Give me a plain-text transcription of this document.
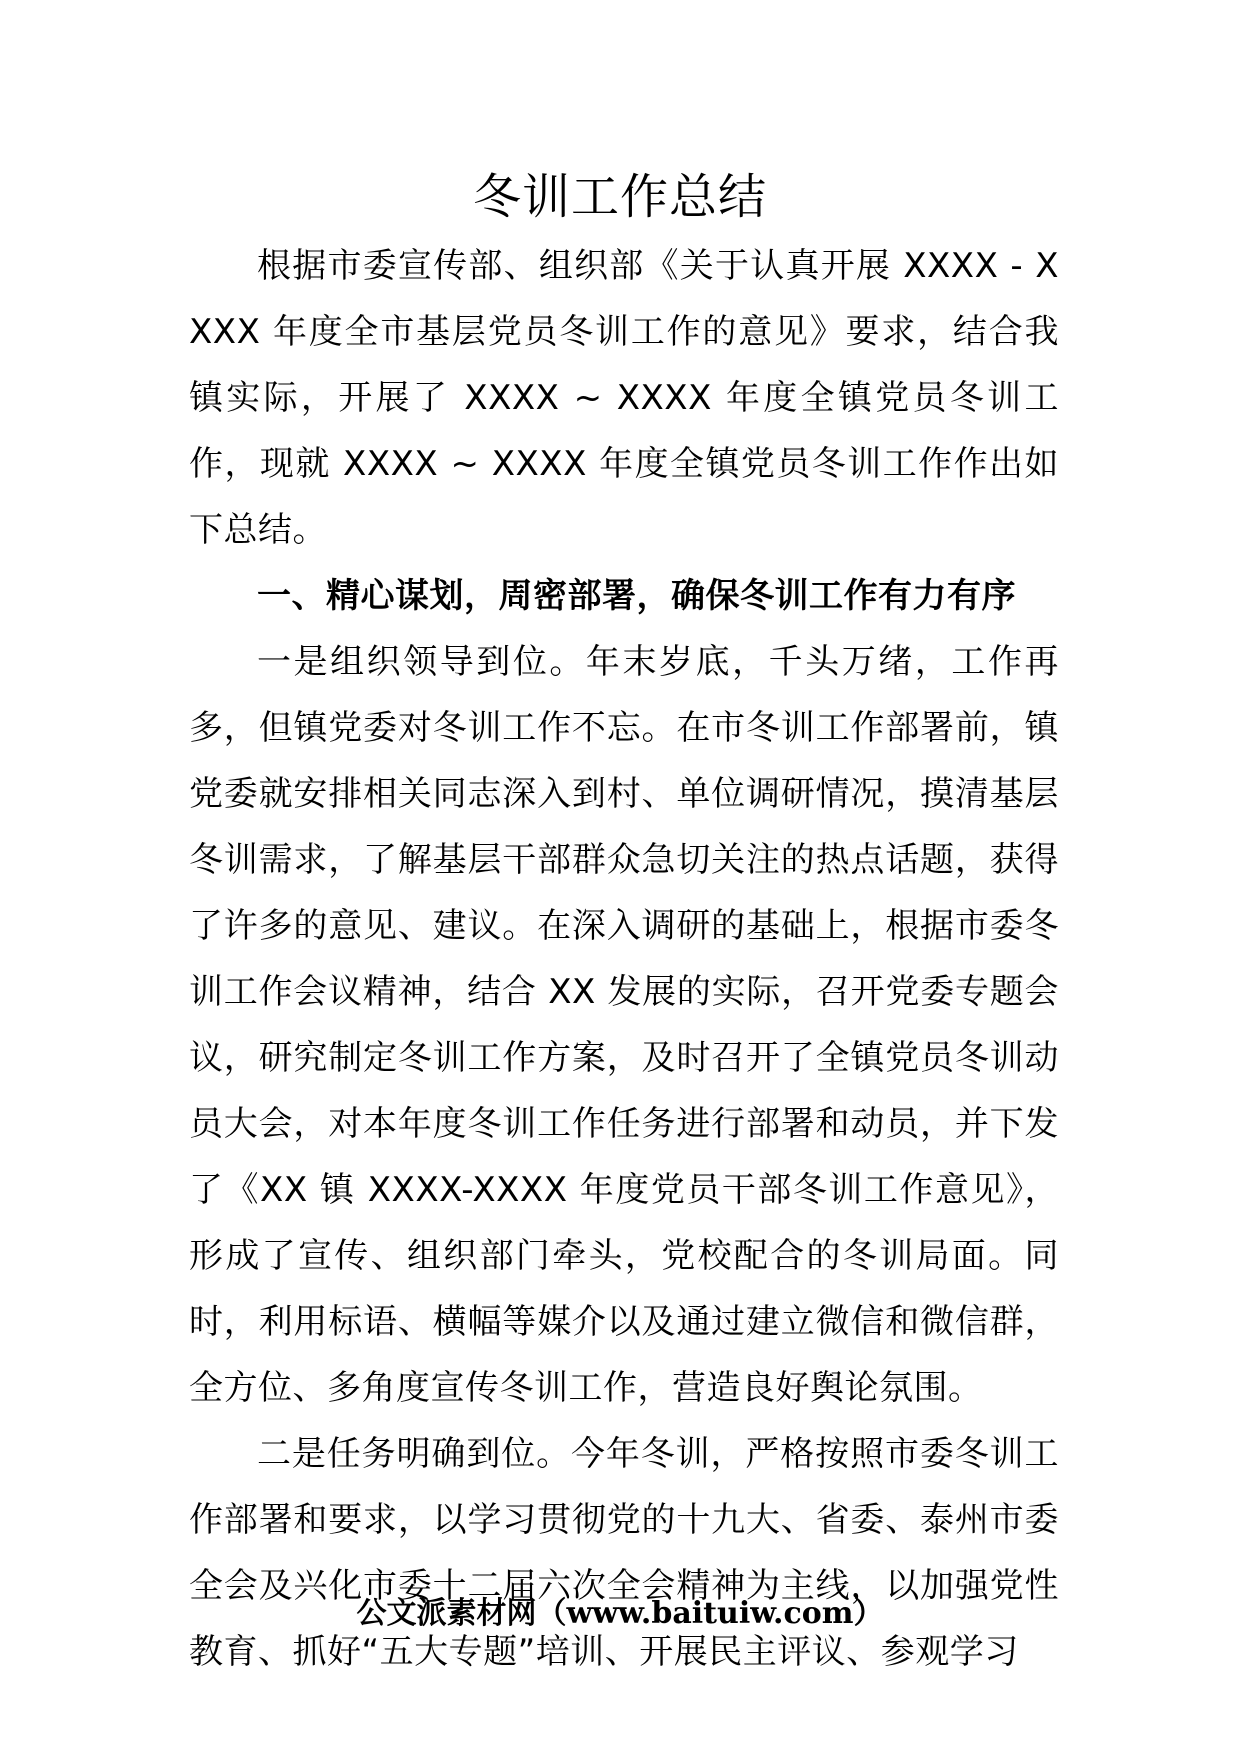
冬训工作总结

根据市委宣传部、组织部《关于认真开展 XXXX - XXXX 年度全市基层党员冬训工作的意见》要求，结合我镇实际，开展了 XXXX ~ XXXX 年度全镇党员冬训工作，现就 XXXX ~ XXXX 年度全镇党员冬训工作作出如下总结。

一、精心谋划，周密部署，确保冬训工作有力有序

一是组织领导到位。年末岁底，千头万绪，工作再多，但镇党委对冬训工作不忘。在市冬训工作部署前，镇党委就安排相关同志深入到村、单位调研情况，摸清基层冬训需求，了解基层干部群众急切关注的热点话题，获得了许多的意见、建议。在深入调研的基础上，根据市委冬训工作会议精神，结合 XX 发展的实际，召开党委专题会议，研究制定冬训工作方案，及时召开了全镇党员冬训动员大会，对本年度冬训工作任务进行部署和动员，并下发了《XX 镇 XXXX-XXXX 年度党员干部冬训工作意见》，形成了宣传、组织部门牵头，党校配合的冬训局面。同时，利用标语、横幅等媒介以及通过建立微信和微信群，全方位、多角度宣传冬训工作，营造良好舆论氛围。

二是任务明确到位。今年冬训，严格按照市委冬训工作部署和要求，以学习贯彻党的十九大、省委、泰州市委全会及兴化市委十二届六次全会精神为主线，以加强党性教育、抓好“五大专题”培训、开展民主评议、参观学习

公文派素材网（www.baituiw.com）
